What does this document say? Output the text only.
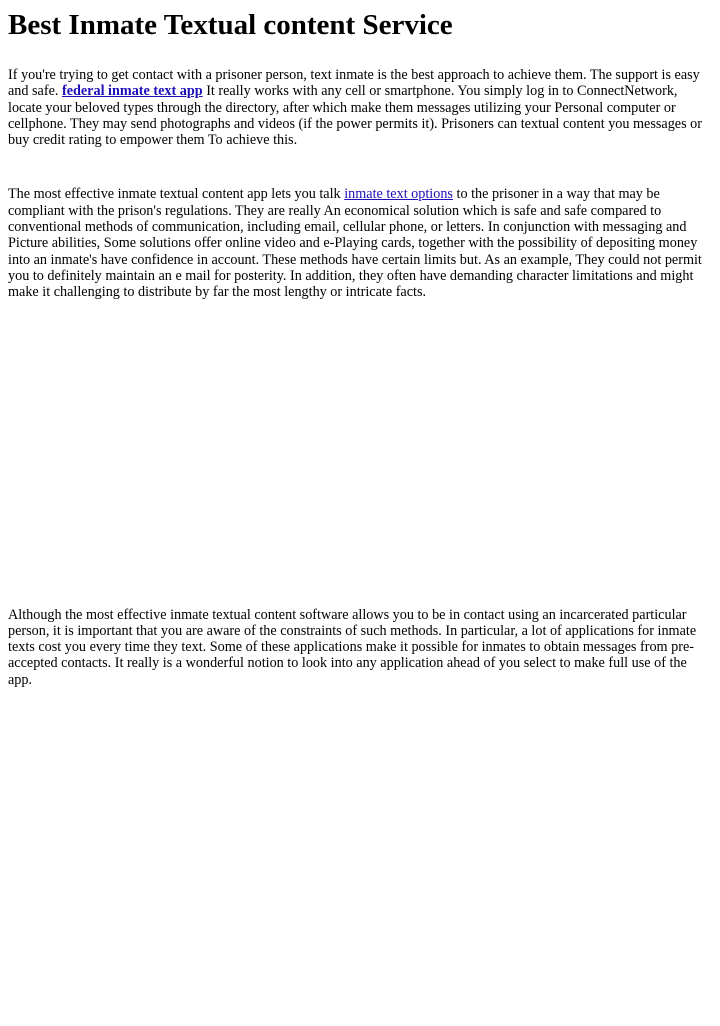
Best Inmate Textual content Service

If you're trying to get contact with a prisoner person, text inmate is the best approach to achieve them. The support is easy and safe. federal inmate text app It really works with any cell or smartphone. You simply log in to ConnectNetwork, locate your beloved types through the directory, after which make them messages utilizing your Personal computer or cellphone. They may send photographs and videos (if the power permits it). Prisoners can textual content you messages or buy credit rating to empower them To achieve this.

The most effective inmate textual content app lets you talk inmate text options to the prisoner in a way that may be compliant with the prison's regulations. They are really An economical solution which is safe and safe compared to conventional methods of communication, including email, cellular phone, or letters. In conjunction with messaging and Picture abilities, Some solutions offer online video and e-Playing cards, together with the possibility of depositing money into an inmate's have confidence in account. These methods have certain limits but. As an example, They could not permit you to definitely maintain an e mail for posterity. In addition, they often have demanding character limitations and might make it challenging to distribute by far the most lengthy or intricate facts.

Although the most effective inmate textual content software allows you to be in contact using an incarcerated particular person, it is important that you are aware of the constraints of such methods. In particular, a lot of applications for inmate texts cost you every time they text. Some of these applications make it possible for inmates to obtain messages from pre-accepted contacts. It really is a wonderful notion to look into any application ahead of you select to make full use of the app.
